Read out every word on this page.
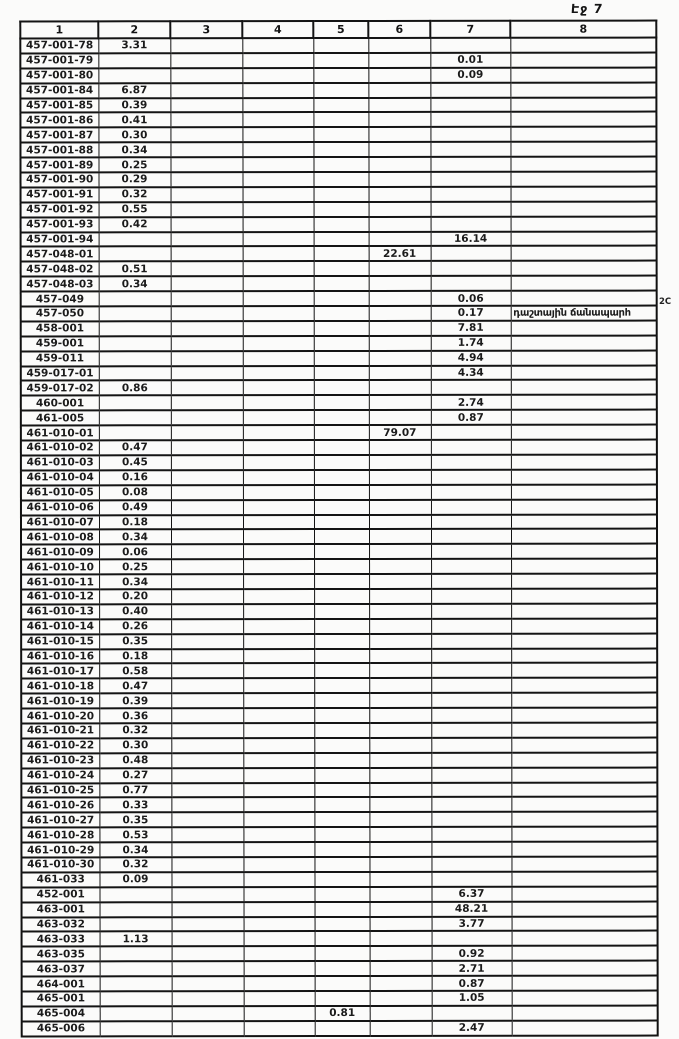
Էջ 7
1	2	3	4	5	6	7	8
457-001-78	3.31						
457-001-79						0.01	
457-001-80						0.09	
457-001-84	6.87						
457-001-85	0.39						
457-001-86	0.41						
457-001-87	0.30						
457-001-88	0.34						
457-001-89	0.25						
457-001-90	0.29						
457-001-91	0.32						
457-001-92	0.55						
457-001-93	0.42						
457-001-94						16.14	
457-048-01					22.61		
457-048-02	0.51						
457-048-03	0.34						
457-049						0.06	
457-050						0.17	դաշտային ճանապարհ
458-001						7.81	
459-001						1.74	
459-011						4.94	
459-017-01						4.34	
459-017-02	0.86						
460-001						2.74	
461-005						0.87	
461-010-01					79.07		
461-010-02	0.47						
461-010-03	0.45						
461-010-04	0.16						
461-010-05	0.08						
461-010-06	0.49						
461-010-07	0.18						
461-010-08	0.34						
461-010-09	0.06						
461-010-10	0.25						
461-010-11	0.34						
461-010-12	0.20						
461-010-13	0.40						
461-010-14	0.26						
461-010-15	0.35						
461-010-16	0.18						
461-010-17	0.58						
461-010-18	0.47						
461-010-19	0.39						
461-010-20	0.36						
461-010-21	0.32						
461-010-22	0.30						
461-010-23	0.48						
461-010-24	0.27						
461-010-25	0.77						
461-010-26	0.33						
461-010-27	0.35						
461-010-28	0.53						
461-010-29	0.34						
461-010-30	0.32						
461-033	0.09						
452-001						6.37	
463-001						48.21	
463-032						3.77	
463-033	1.13						
463-035						0.92	
463-037						2.71	
464-001						0.87	
465-001						1.05	
465-004				0.81			
465-006						2.47	
2C
